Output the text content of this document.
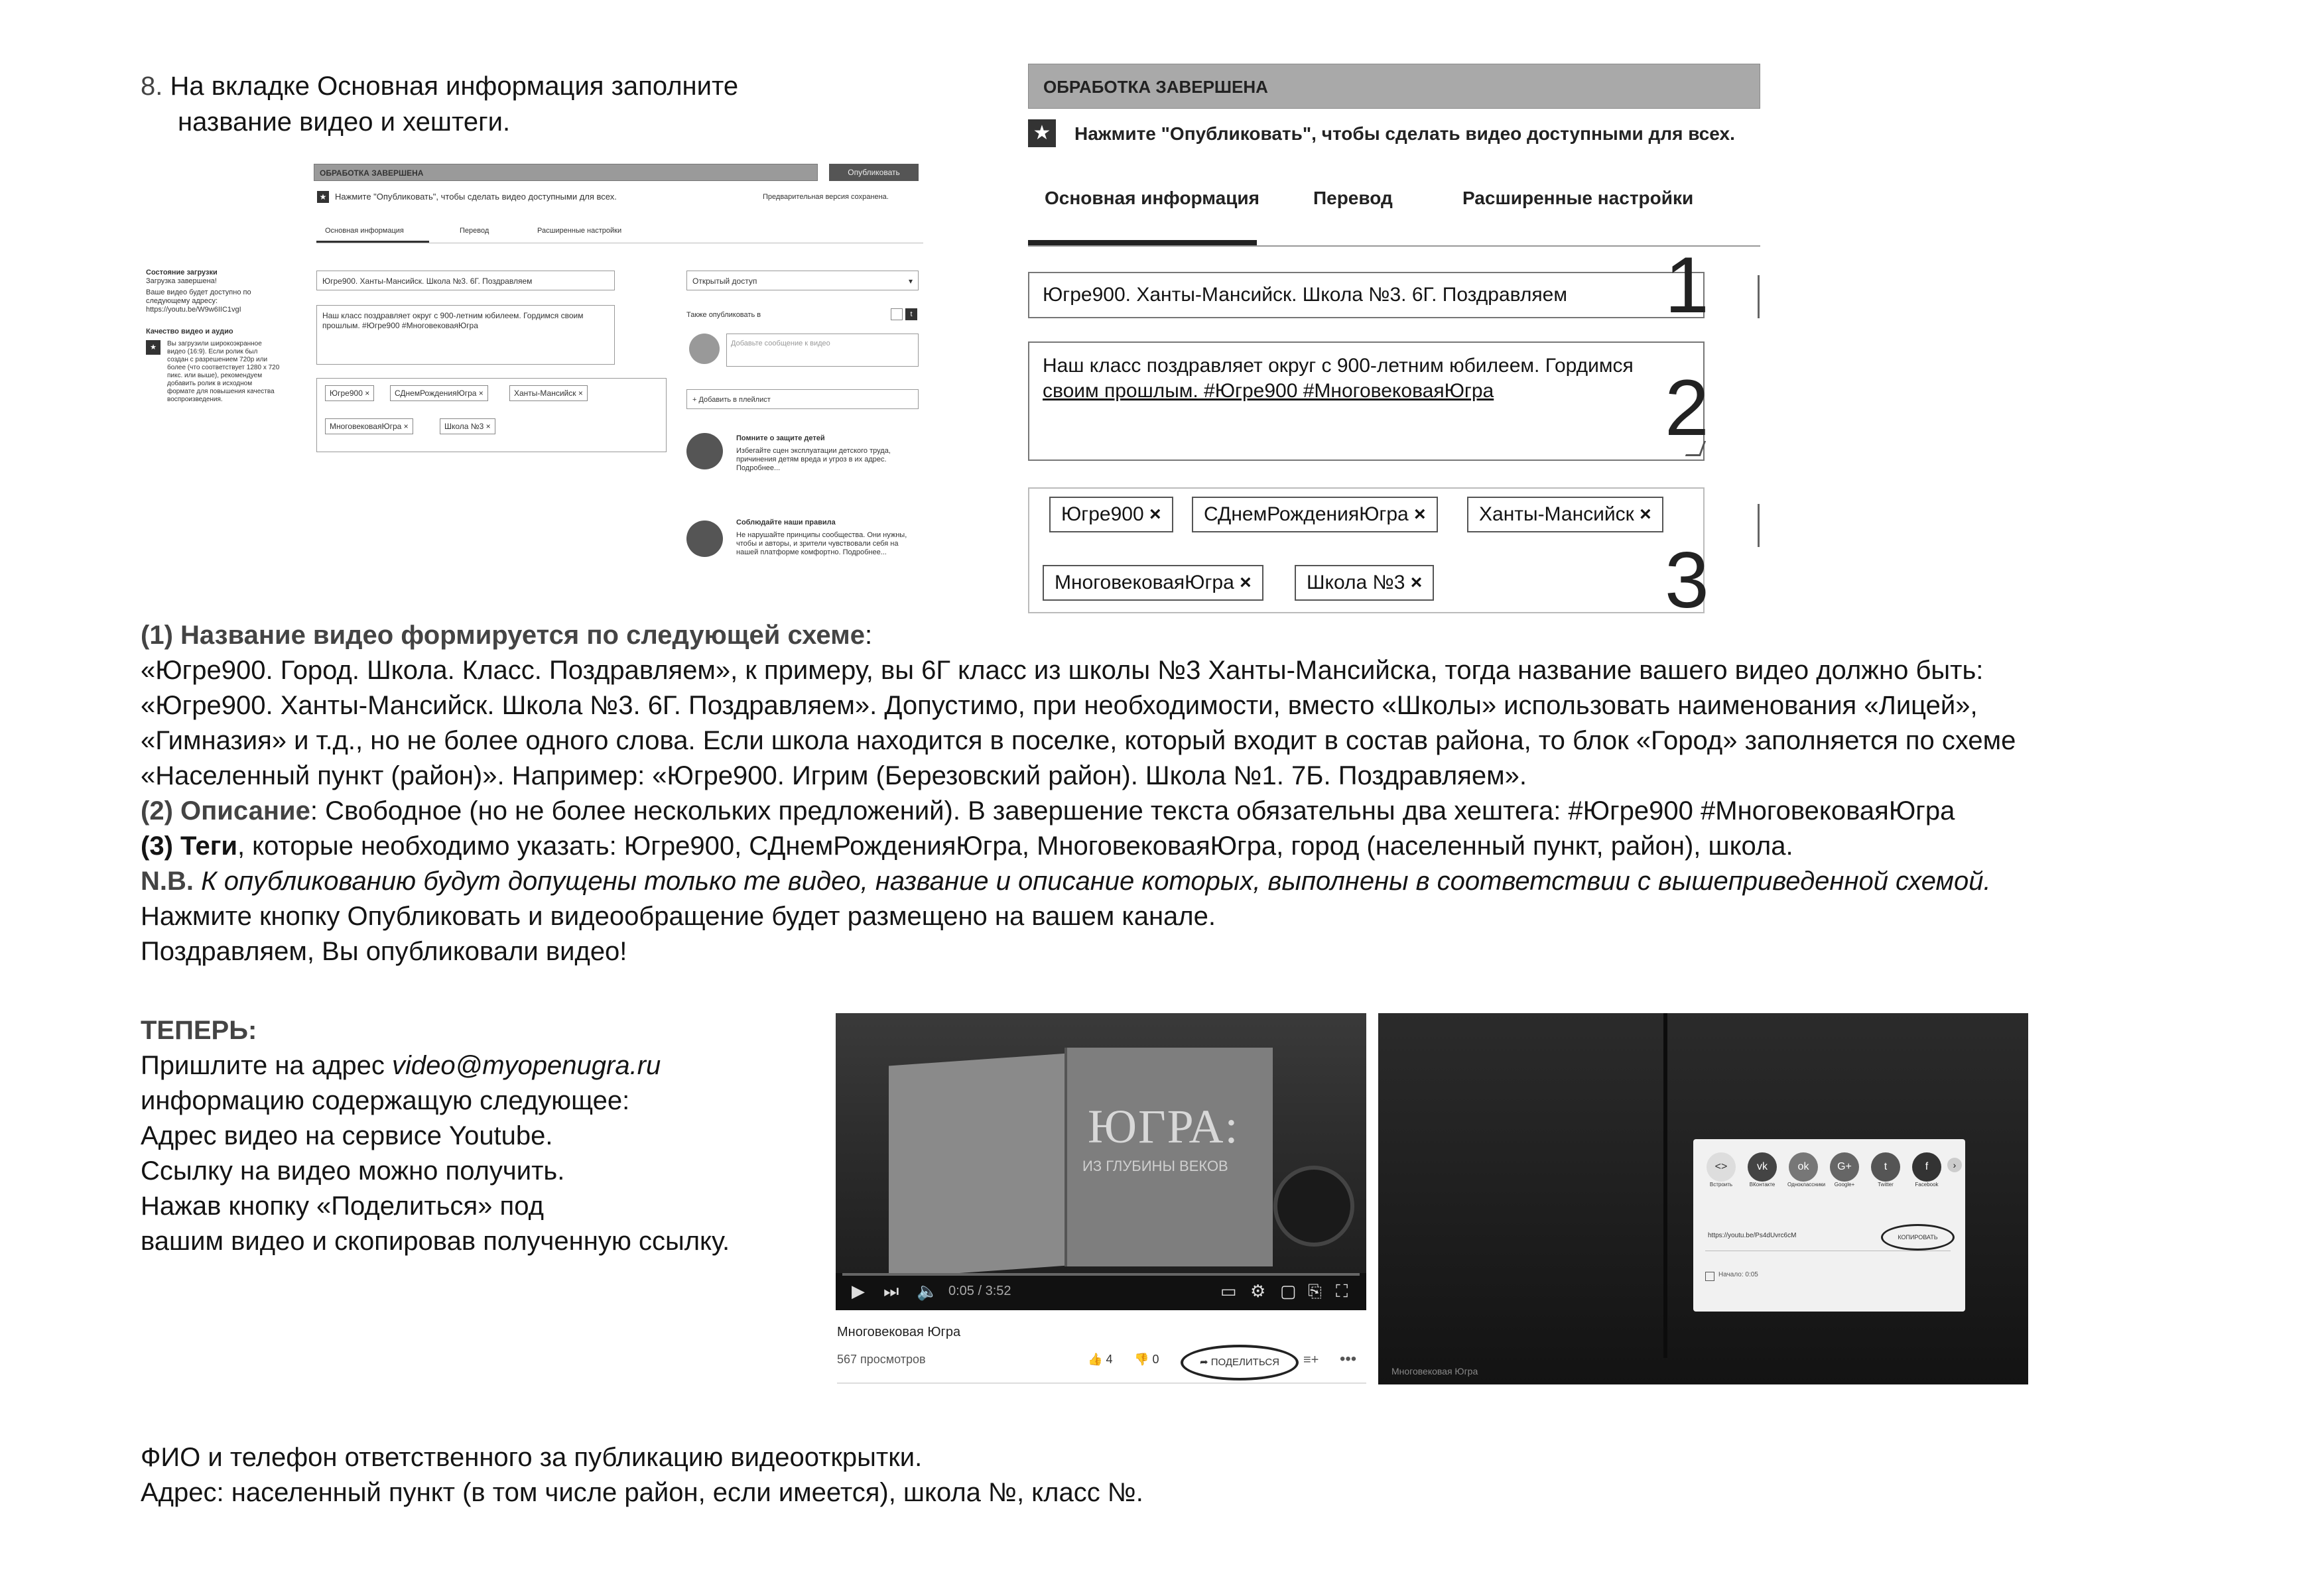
8. На вкладке Основная информация заполните
название видео и хештеги.
ОБРАБОТКА ЗАВЕРШЕНА	Опубликовать
★ Нажмите "Опубликовать", чтобы сделать видео доступными для всех.	Предварительная версия сохранена.
Основная информация	Перевод	Расширенные настройки
Состояние загрузки
Загрузка завершена!
Ваше видео будет доступно по следующему адресу:
https://youtu.be/W9w6IIC1vgI
Качество видео и аудио
★	Вы загрузили широкоэкранное видео (16:9). Если ролик был создан с разрешением 720p или более (что соответствует 1280 x 720 пикс. или выше), рекомендуем добавить ролик в исходном формате для повышения качества воспроизведения.
Югре900. Ханты-Мансийск. Школа №3. 6Г. Поздравляем
Наш класс поздравляет округ с 900-летним юбилеем. Гордимся своим прошлым. #Югре900 #МноговековаяЮгра
Югре900 ×	СДнемРожденияЮгра ×	Ханты-Мансийск ×
МноговековаяЮгра ×	Школа №3 ×
Открытый доступ	▾
Также опубликовать в	t
Добавьте сообщение к видео
+ Добавить в плейлист
Помните о защите детей
Избегайте сцен эксплуатации детского труда, причинения детям вреда и угроз в их адрес. Подробнее...
Соблюдайте наши правила
Не нарушайте принципы сообщества. Они нужны, чтобы и авторы, и зрители чувствовали себя на нашей платформе комфортно. Подробнее...
ОБРАБОТКА ЗАВЕРШЕНА
★ Нажмите "Опубликовать", чтобы сделать видео доступными для всех.
Основная информация	Перевод	Расширенные настройки
Югре900. Ханты-Мансийск. Школа №3. 6Г. Поздравляем	1
Наш класс поздравляет округ с 900-летним юбилеем. Гордимся
своим прошлым. #Югре900 #МноговековаяЮгра	2
Югре900 ×	СДнемРожденияЮгра ×	Ханты-Мансийск ×
МноговековаяЮгра ×	Школа №3 ×	3
(1) Название видео формируется по следующей схеме:
«Югре900. Город. Школа. Класс. Поздравляем», к примеру, вы 6Г класс из школы №3 Ханты-Мансийска, тогда название вашего видео должно быть:
«Югре900. Ханты-Мансийск. Школа №3. 6Г. Поздравляем». Допустимо, при необходимости, вместо «Школы» использовать наименования «Лицей»,
«Гимназия» и т.д., но не более одного слова. Если школа находится в поселке, который входит в состав района, то блок «Город» заполняется по схеме
«Населенный пункт (район)». Например: «Югре900. Игрим (Березовский район). Школа №1. 7Б. Поздравляем».
(2) Описание: Свободное (но не более нескольких предложений). В завершение текста обязательны два хештега: #Югре900 #МноговековаяЮгра
(3) Теги, которые необходимо указать: Югре900, СДнемРожденияЮгра, МноговековаяЮгра, город (населенный пункт, район), школа.
N.B. К опубликованию будут допущены только те видео, название и описание которых, выполнены в соответствии с вышеприведенной схемой.
Нажмите кнопку Опубликовать и видеообращение будет размещено на вашем канале.
Поздравляем, Вы опубликовали видео!
ТЕПЕРЬ:
Пришлите на адрес video@myopenugra.ru
информацию содержащую следующее:
Адрес видео на сервисе Youtube.
Ссылку на видео можно получить.
Нажав кнопку «Поделиться» под
вашим видео и скопировав полученную ссылку.
ЮГРА:
ИЗ ГЛУБИНЫ ВЕКОВ
▶ ⏭ 🔈 0:05 / 3:52	▭ ⚙ ▢ ⎘ ⛶
Многовековая Югра
567 просмотров	👍 4 👎 0	➦ ПОДЕЛИТЬСЯ	≡+ •••
<>
Встроить
vk
ВКонтакте
ok
Одноклассники
G+
Google+
t
Twitter
f
Facebook
›
https://youtu.be/Ps4dUvrc6cM	КОПИРОВАТЬ
Начало: 0:05
Многовековая Югра
ФИО и телефон ответственного за публикацию видеооткрытки.
Адрес: населенный пункт (в том числе район, если имеется), школа №, класс №.
